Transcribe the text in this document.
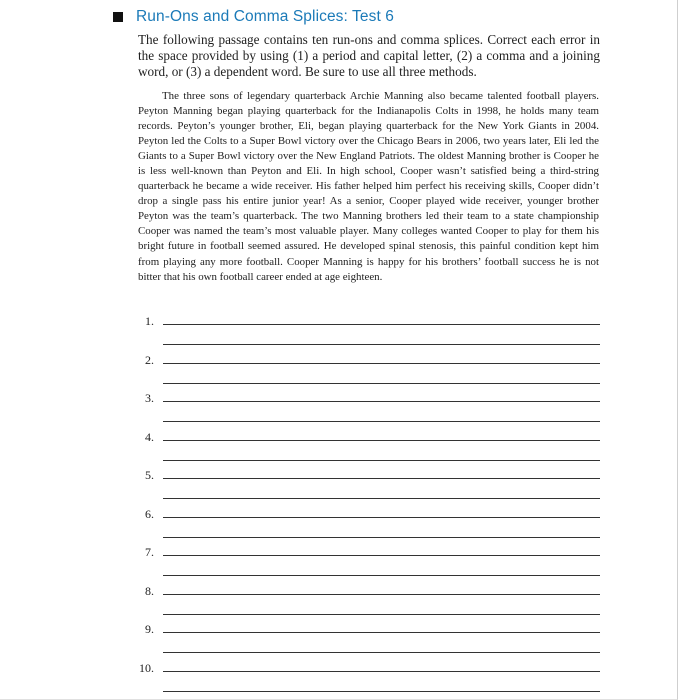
Run-Ons and Comma Splices: Test 6

The following passage contains ten run-ons and comma splices. Correct each error in the space provided by using (1) a period and capital letter, (2) a comma and a joining word, or (3) a dependent word. Be sure to use all three methods.

The three sons of legendary quarterback Archie Manning also became talented football players. Peyton Manning began playing quarterback for the Indianapolis Colts in 1998, he holds many team records. Peyton’s younger brother, Eli, began playing quarterback for the New York Giants in 2004. Peyton led the Colts to a Super Bowl victory over the Chicago Bears in 2006, two years later, Eli led the Giants to a Super Bowl victory over the New England Patriots. The oldest Manning brother is Cooper he is less well-known than Peyton and Eli. In high school, Cooper wasn’t satisfied being a third-string quarterback he became a wide receiver. His father helped him perfect his receiving skills, Cooper didn’t drop a single pass his entire junior year! As a senior, Cooper played wide receiver, younger brother Peyton was the team’s quarterback. The two Manning brothers led their team to a state championship Cooper was named the team’s most valuable player. Many colleges wanted Cooper to play for them his bright future in football seemed assured. He developed spinal stenosis, this painful condition kept him from playing any more football. Cooper Manning is happy for his brothers’ football success he is not bitter that his own football career ended at age eighteen.

1.
2.
3.
4.
5.
6.
7.
8.
9.
10.
